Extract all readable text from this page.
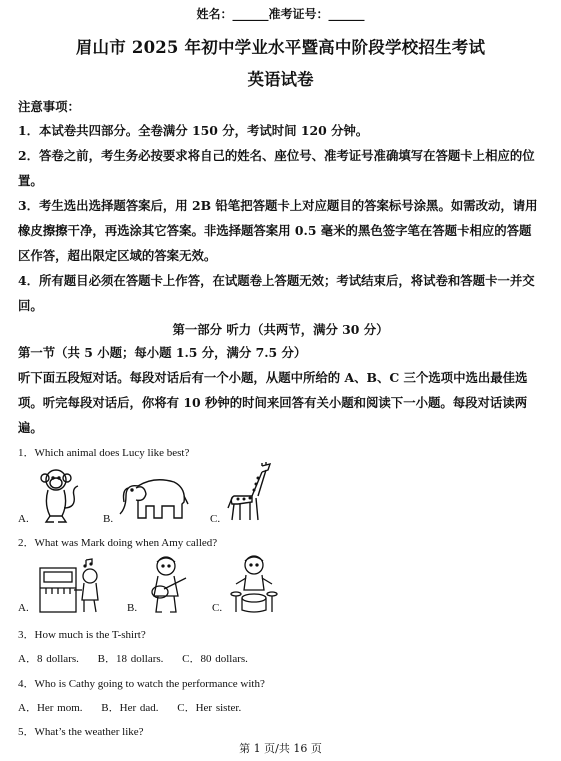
姓名：______准考证号：______
眉山市 2025 年初中学业水平暨高中阶段学校招生考试
英语试卷
注意事项：
1．本试卷共四部分。全卷满分 150 分，考试时间 120 分钟。
2．答卷之前，考生务必按要求将自己的姓名、座位号、准考证号准确填写在答题卡上相应的位置。
3．考生选出选择题答案后，用 2B 铅笔把答题卡上对应题目的答案标号涂黑。如需改动，请用橡皮擦擦干净，再选涂其它答案。非选择题答案用 0.5 毫米的黑色签字笔在答题卡相应的答题区作答，超出限定区域的答案无效。
4．所有题目必须在答题卡上作答，在试题卷上答题无效；考试结束后，将试卷和答题卡一并交回。
第一部分 听力（共两节，满分 30 分）
第一节（共 5 小题；每小题 1.5 分，满分 7.5 分）
听下面五段短对话。每段对话后有一个小题，从题中所给的 A、B、C 三个选项中选出最佳选项。听完每段对话后，你将有 10 秒钟的时间来回答有关小题和阅读下一小题。每段对话读两遍。
1．Which animal does Lucy like best?
A.	B.	C.
2．What was Mark doing when Amy called?
A.	B.	C.
3．How much is the T-shirt?
A．8 dollars.     B．18 dollars.     C．80 dollars.
4．Who is Cathy going to watch the performance with?
A．Her mom.     B．Her dad.     C．Her sister.
5．What’s the weather like?
第 1 页/共 16 页
